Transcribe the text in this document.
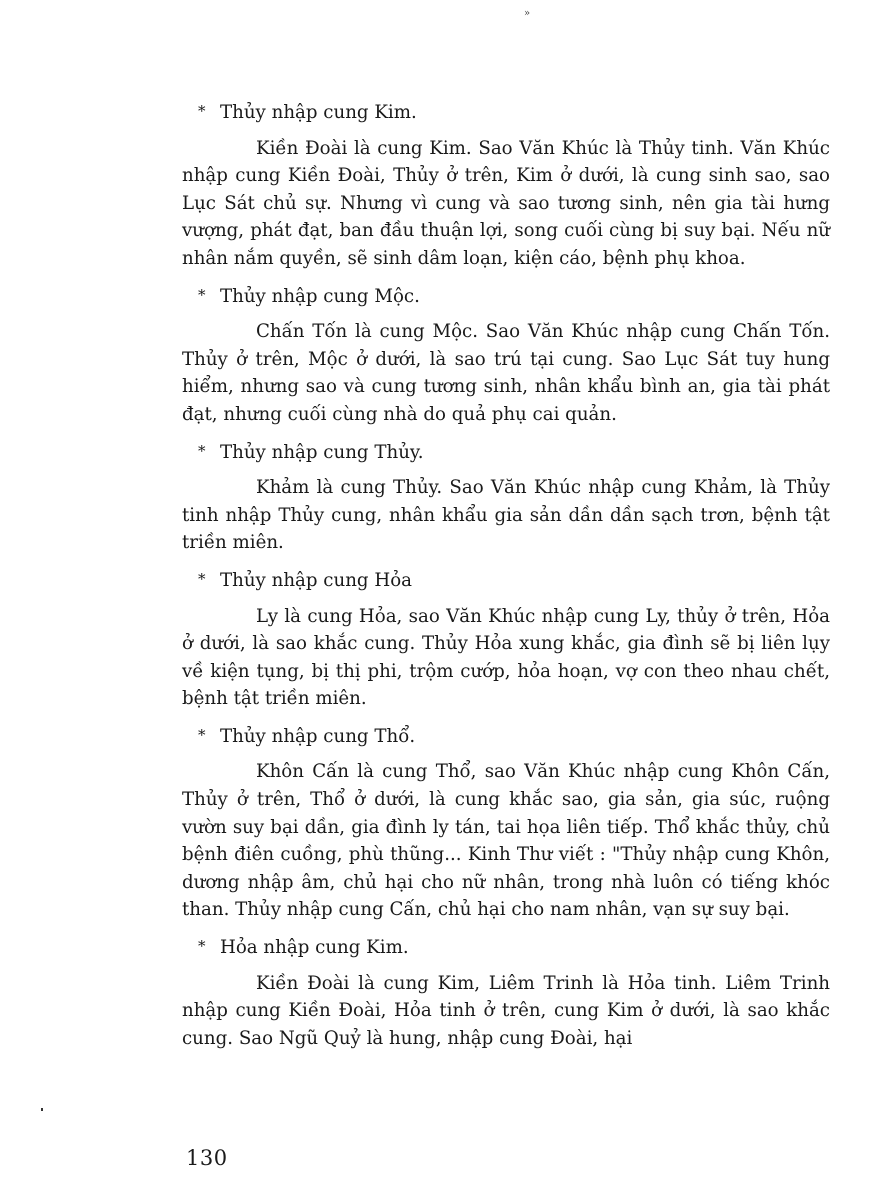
»

* Thủy nhập cung Kim.

Kiền Đoài là cung Kim. Sao Văn Khúc là Thủy tinh. Văn Khúc nhập cung Kiền Đoài, Thủy ở trên, Kim ở dưới, là cung sinh sao, sao Lục Sát chủ sự. Nhưng vì cung và sao tương sinh, nên gia tài hưng vượng, phát đạt, ban đầu thuận lợi, song cuối cùng bị suy bại. Nếu nữ nhân nắm quyền, sẽ sinh dâm loạn, kiện cáo, bệnh phụ khoa.

* Thủy nhập cung Mộc.

Chấn Tốn là cung Mộc. Sao Văn Khúc nhập cung Chấn Tốn. Thủy ở trên, Mộc ở dưới, là sao trú tại cung. Sao Lục Sát tuy hung hiểm, nhưng sao và cung tương sinh, nhân khẩu bình an, gia tài phát đạt, nhưng cuối cùng nhà do quả phụ cai quản.

* Thủy nhập cung Thủy.

Khảm là cung Thủy. Sao Văn Khúc nhập cung Khảm, là Thủy tinh nhập Thủy cung, nhân khẩu gia sản dần dần sạch trơn, bệnh tật triền miên.

* Thủy nhập cung Hỏa

Ly là cung Hỏa, sao Văn Khúc nhập cung Ly, thủy ở trên, Hỏa ở dưới, là sao khắc cung. Thủy Hỏa xung khắc, gia đình sẽ bị liên lụy về kiện tụng, bị thị phi, trộm cướp, hỏa hoạn, vợ con theo nhau chết, bệnh tật triền miên.

* Thủy nhập cung Thổ.

Khôn Cấn là cung Thổ, sao Văn Khúc nhập cung Khôn Cấn, Thủy ở trên, Thổ ở dưới, là cung khắc sao, gia sản, gia súc, ruộng vườn suy bại dần, gia đình ly tán, tai họa liên tiếp. Thổ khắc thủy, chủ bệnh điên cuồng, phù thũng... Kinh Thư viết : "Thủy nhập cung Khôn, dương nhập âm, chủ hại cho nữ nhân, trong nhà luôn có tiếng khóc than. Thủy nhập cung Cấn, chủ hại cho nam nhân, vạn sự suy bại.

* Hỏa nhập cung Kim.

Kiền Đoài là cung Kim, Liêm Trinh là Hỏa tinh. Liêm Trinh nhập cung Kiền Đoài, Hỏa tinh ở trên, cung Kim ở dưới, là sao khắc cung. Sao Ngũ Quỷ là hung, nhập cung Đoài, hại

130
